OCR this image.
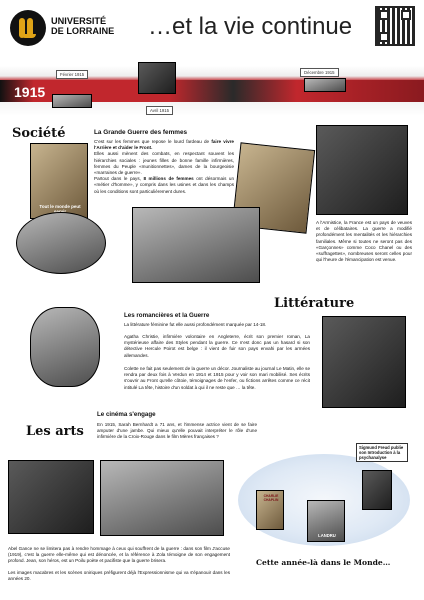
UNIVERSITÉ
DE LORRAINE …et la vie continue
1915
Février 1915
Avril 1915
Décembre 1915
Société
Tout le monde peut
La Grande Guerre des femmes

C'est sur les femmes que repose le lourd fardeau de faire vivre l'Arrière et d'aider le Front.

Elles aussi mènent des combats, en respectant souvent les hiérarchies sociales : jeunes filles de bonne famille infirmières, femmes du Peuple «munitionnettes», dames de la bourgeoisie «marraines de guerre».

Partout dans le pays, 8 millions de femmes ont désormais un «métier d'homme», y compris dans les usines et dans les champs où les conditions sont particulièrement dures.

A l'Armistice, la France est un pays de veuves et de célibataires. La guerre a modifié profondément les mentalités et les hiérarchies familiales. Même si toutes ne seront pas des «Garçonnes» comme Coco Chanel ou des «suffragettes», nombreuses seront celles pour qui l'heure de l'émancipation est venue.
Littérature
Les romancières et la Guerre
La littérature féminine fut elle aussi profondément marquée par 14-18.
Agatha Christie, infirmière volontaire en Angleterre, écrit son premier roman, La mystérieuse affaire des Styles pendant la guerre. Ce n'est donc pas un hasard si son détective Hercule Poirot est belge : il vient de fuir son pays envahi par les armées allemandes.
Colette ne fait pas seulement de la guerre un décor. Journaliste au journal Le Matin, elle se rendra par deux fois à Verdun en 1914 et 1915 pour y voir son mari mobilisé. Ses écrits s'ouvrir au Front qu'elle côtoie, témoignages de l'enfer, ou fictions arrêtes comme ce récit intitulé La tête, histoire d'un soldat à qui il ne reste que … la tête.
Le cinéma s'engage
Les arts	En 1915, Sarah Bernhardt a 71 ans, et l'immense actrice vient de se faire amputer d'une jambe. Qui mieux qu'elle pouvait interpréter le rôle d'une infirmière de la Croix-Rouge dans le film Mères françaises ?
Abel Gance ne se limitera pas à rendre hommage à ceux qui souffrent de la guerre : dans son film J'accuse (1919), c'est la guerre elle-même qui est dénoncée, et la référence à Zola témoigne de son engagement profond. Jean, son héros, est un Poilu poète et pacifiste que la guerre brisera.
Les images macabres et les scènes oniriques préfigurent déjà l'Expressionnisme qui va s'épanouir dans les années 20.
Sigmund Freud publie son Introduction à la psychanalyse
CHARLIE CHAPLIN
LANDRU
Cette année-là dans le Monde…
